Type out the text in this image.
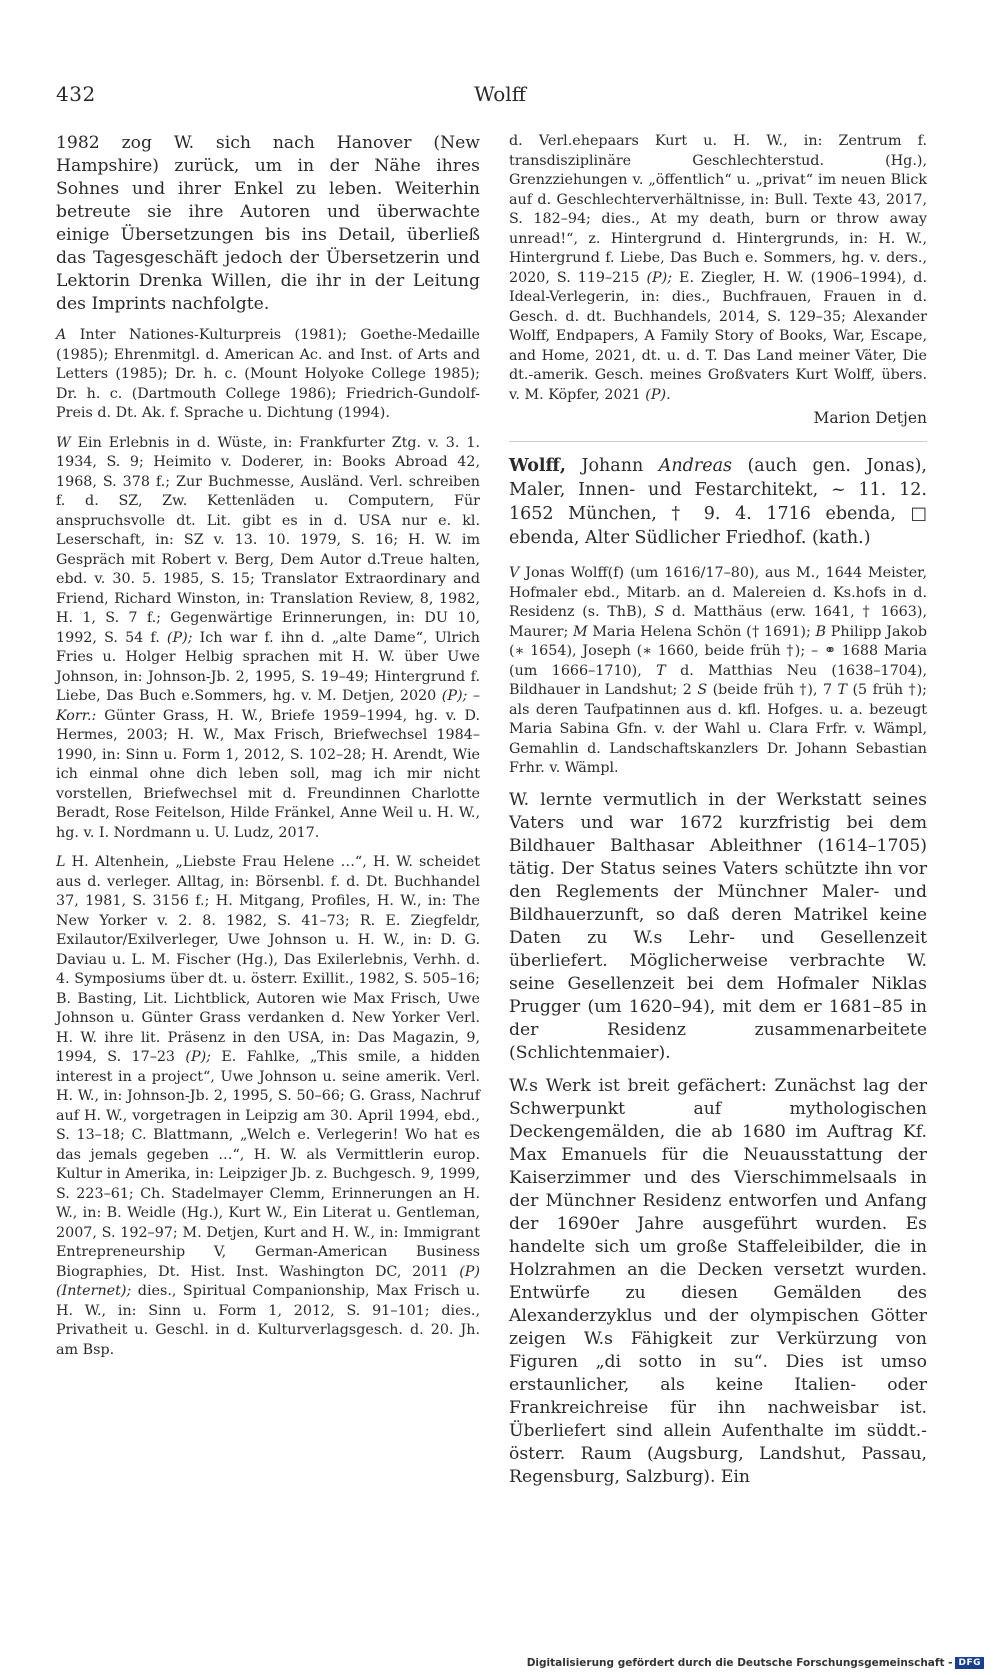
432	Wolff

1982 zog W. sich nach Hanover (New Hampshire) zurück, um in der Nähe ihres Sohnes und ihrer Enkel zu leben. Weiterhin betreute sie ihre Autoren und überwachte einige Übersetzungen bis ins Detail, überließ das Tagesgeschäft jedoch der Übersetzerin und Lektorin Drenka Willen, die ihr in der Leitung des Imprints nachfolgte.

A Inter Nationes-Kulturpreis (1981); Goethe-Medaille (1985); Ehrenmitgl. d. American Ac. and Inst. of Arts and Letters (1985); Dr. h. c. (Mount Holyoke College 1985); Dr. h. c. (Dartmouth College 1986); Friedrich-Gundolf-Preis d. Dt. Ak. f. Sprache u. Dichtung (1994).

W Ein Erlebnis in d. Wüste, in: Frankfurter Ztg. v. 3. 1. 1934, S. 9; Heimito v. Doderer, in: Books Abroad 42, 1968, S. 378 f.; Zur Buchmesse, Ausländ. Verl. schreiben f. d. SZ, Zw. Kettenläden u. Computern, Für anspruchsvolle dt. Lit. gibt es in d. USA nur e. kl. Leserschaft, in: SZ v. 13. 10. 1979, S. 16; H. W. im Gespräch mit Robert v. Berg, Dem Autor d.Treue halten, ebd. v. 30. 5. 1985, S. 15; Translator Extraordinary and Friend, Richard Winston, in: Translation Review, 8, 1982, H. 1, S. 7 f.; Gegenwärtige Erinnerungen, in: DU 10, 1992, S. 54 f. (P); Ich war f. ihn d. „alte Dame“, Ulrich Fries u. Holger Helbig sprachen mit H. W. über Uwe Johnson, in: Johnson-Jb. 2, 1995, S. 19–49; Hintergrund f. Liebe, Das Buch e.Sommers, hg. v. M. Detjen, 2020 (P); – Korr.: Günter Grass, H. W., Briefe 1959–1994, hg. v. D. Hermes, 2003; H. W., Max Frisch, Briefwechsel 1984–1990, in: Sinn u. Form 1, 2012, S. 102–28; H. Arendt, Wie ich einmal ohne dich leben soll, mag ich mir nicht vorstellen, Briefwechsel mit d. Freundinnen Charlotte Beradt, Rose Feitelson, Hilde Fränkel, Anne Weil u. H. W., hg. v. I. Nordmann u. U. Ludz, 2017.

L H. Altenhein, „Liebste Frau Helene …“, H. W. scheidet aus d. verleger. Alltag, in: Börsenbl. f. d. Dt. Buchhandel 37, 1981, S. 3156 f.; H. Mitgang, Profiles, H. W., in: The New Yorker v. 2. 8. 1982, S. 41–73; R. E. Ziegfeldr, Exilautor/Exilverleger, Uwe Johnson u. H. W., in: D. G. Daviau u. L. M. Fischer (Hg.), Das Exilerlebnis, Verhh. d. 4. Symposiums über dt. u. österr. Exillit., 1982, S. 505–16; B. Basting, Lit. Lichtblick, Autoren wie Max Frisch, Uwe Johnson u. Günter Grass verdanken d. New Yorker Verl. H. W. ihre lit. Präsenz in den USA, in: Das Magazin, 9, 1994, S. 17–23 (P); E. Fahlke, „This smile, a hidden interest in a project“, Uwe Johnson u. seine amerik. Verl. H. W., in: Johnson-Jb. 2, 1995, S. 50–66; G. Grass, Nachruf auf H. W., vorgetragen in Leipzig am 30. April 1994, ebd., S. 13–18; C. Blattmann, „Welch e. Verlegerin! Wo hat es das jemals gegeben …“, H. W. als Vermittlerin europ. Kultur in Amerika, in: Leipziger Jb. z. Buchgesch. 9, 1999, S. 223–61; Ch. Stadelmayer Clemm, Erinnerungen an H. W., in: B. Weidle (Hg.), Kurt W., Ein Literat u. Gentleman, 2007, S. 192–97; M. Detjen, Kurt and H. W., in: Immigrant Entrepreneurship V, German-American Business Biographies, Dt. Hist. Inst. Washington DC, 2011 (P) (Internet); dies., Spiritual Companionship, Max Frisch u. H. W., in: Sinn u. Form 1, 2012, S. 91–101; dies., Privatheit u. Geschl. in d. Kulturverlagsgesch. d. 20. Jh. am Bsp.

d. Verl.ehepaars Kurt u. H. W., in: Zentrum f. transdisziplinäre Geschlechterstud. (Hg.), Grenzziehungen v. „öffentlich“ u. „privat“ im neuen Blick auf d. Geschlechterverhältnisse, in: Bull. Texte 43, 2017, S. 182–94; dies., At my death, burn or throw away unread!“, z. Hintergrund d. Hintergrunds, in: H. W., Hintergrund f. Liebe, Das Buch e. Sommers, hg. v. ders., 2020, S. 119–215 (P); E. Ziegler, H. W. (1906–1994), d. Ideal-Verlegerin, in: dies., Buchfrauen, Frauen in d. Gesch. d. dt. Buchhandels, 2014, S. 129–35; Alexander Wolff, Endpapers, A Family Story of Books, War, Escape, and Home, 2021, dt. u. d. T. Das Land meiner Väter, Die dt.-amerik. Gesch. meines Großvaters Kurt Wolff, übers. v. M. Köpfer, 2021 (P).

Marion Detjen

Wolff, Johann Andreas (auch gen. Jonas), Maler, Innen- und Festarchitekt, ~ 11. 12. 1652 München, † 9. 4. 1716 ebenda, □ ebenda, Alter Südlicher Friedhof. (kath.)

V Jonas Wolff(f) (um 1616/17–80), aus M., 1644 Meister, Hofmaler ebd., Mitarb. an d. Malereien d. Ks.hofs in d. Residenz (s. ThB), S d. Matthäus (erw. 1641, † 1663), Maurer; M Maria Helena Schön († 1691); B Philipp Jakob (∗ 1654), Joseph (∗ 1660, beide früh †); – ⚭ 1688 Maria (um 1666–1710), T d. Matthias Neu (1638–1704), Bildhauer in Landshut; 2 S (beide früh †), 7 T (5 früh †); als deren Taufpatinnen aus d. kfl. Hofges. u. a. bezeugt Maria Sabina Gfn. v. der Wahl u. Clara Frfr. v. Wämpl, Gemahlin d. Landschaftskanzlers Dr. Johann Sebastian Frhr. v. Wämpl.

W. lernte vermutlich in der Werkstatt seines Vaters und war 1672 kurzfristig bei dem Bildhauer Balthasar Ableithner (1614–1705) tätig. Der Status seines Vaters schützte ihn vor den Reglements der Münchner Maler- und Bildhauerzunft, so daß deren Matrikel keine Daten zu W.s Lehr- und Gesellenzeit überliefert. Möglicherweise verbrachte W. seine Gesellenzeit bei dem Hofmaler Niklas Prugger (um 1620–94), mit dem er 1681–85 in der Residenz zusammenarbeitete (Schlichtenmaier).

W.s Werk ist breit gefächert: Zunächst lag der Schwerpunkt auf mythologischen Deckengemälden, die ab 1680 im Auftrag Kf. Max Emanuels für die Neuausstattung der Kaiserzimmer und des Vierschimmelsaals in der Münchner Residenz entworfen und Anfang der 1690er Jahre ausgeführt wurden. Es handelte sich um große Staffeleibilder, die in Holzrahmen an die Decken versetzt wurden. Entwürfe zu diesen Gemälden des Alexanderzyklus und der olympischen Götter zeigen W.s Fähigkeit zur Verkürzung von Figuren „di sotto in su“. Dies ist umso erstaunlicher, als keine Italien- oder Frankreichreise für ihn nachweisbar ist. Überliefert sind allein Aufenthalte im süddt.-österr. Raum (Augsburg, Landshut, Passau, Regensburg, Salzburg). Ein

Digitalisierung gefördert durch die Deutsche Forschungsgemeinschaft - DFG
